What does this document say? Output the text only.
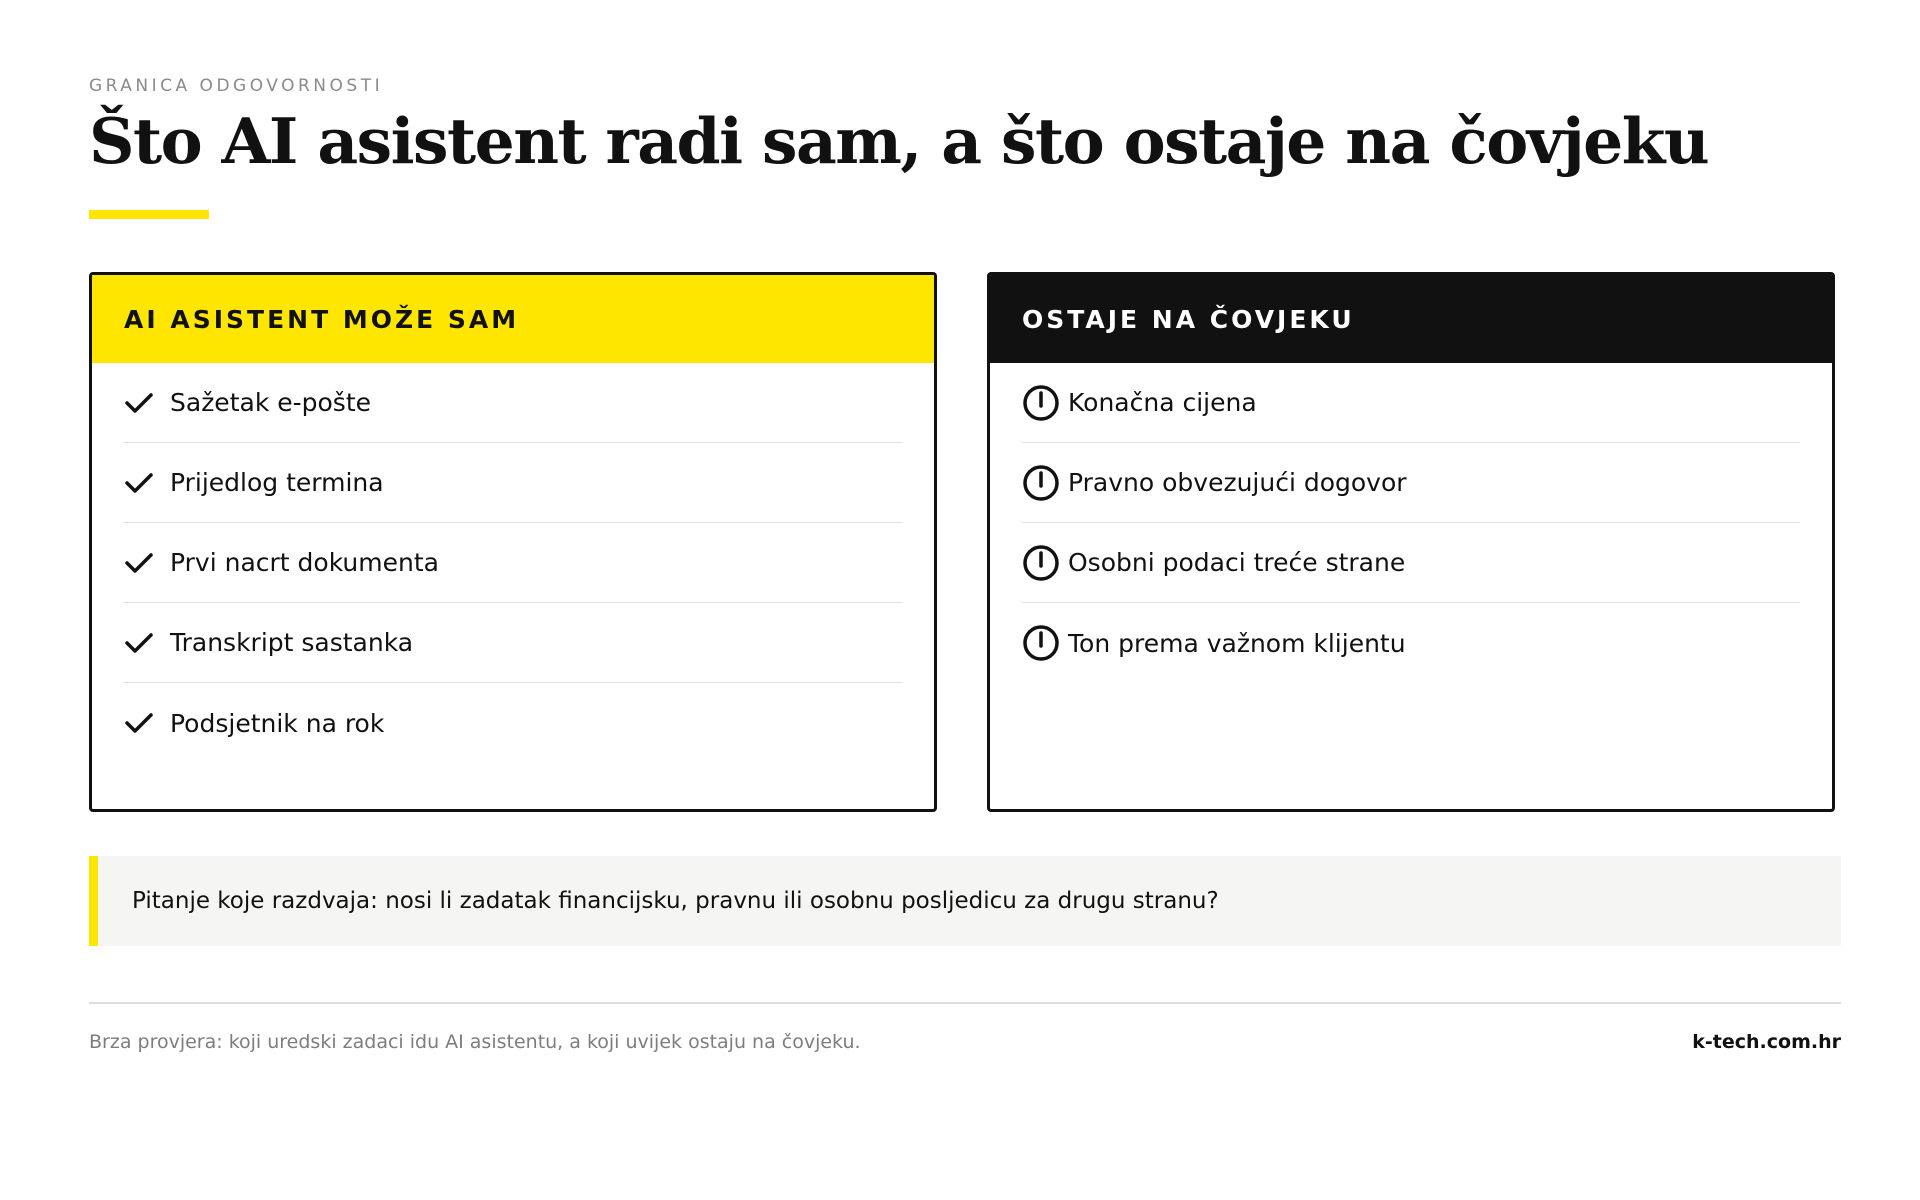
GRANICA ODGOVORNOSTI
Što AI asistent radi sam, a što ostaje na čovjeku
AI ASISTENT MOŽE SAM
Sažetak e-pošte
Prijedlog termina
Prvi nacrt dokumenta
Transkript sastanka
Podsjetnik na rok
OSTAJE NA ČOVJEKU
Konačna cijena
Pravno obvezujući dogovor
Osobni podaci treće strane
Ton prema važnom klijentu
Pitanje koje razdvaja: nosi li zadatak financijsku, pravnu ili osobnu posljedicu za drugu stranu?
Brza provjera: koji uredski zadaci idu AI asistentu, a koji uvijek ostaju na čovjeku.	k-tech.com.hr
